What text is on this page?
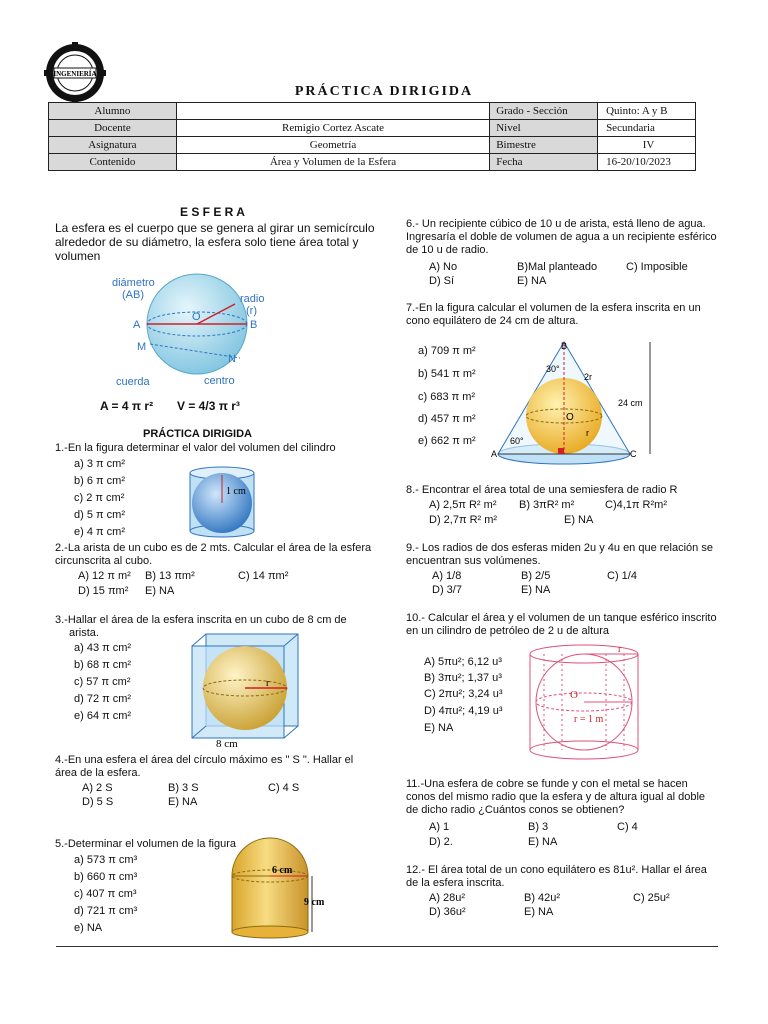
INGENIERÍA
PRÁCTICA DIRIGIDA
Alumno		Grado - Sección	Quinto: A y B
Docente	Remigio Cortez Ascate	Nivel	Secundaria
Asignatura	Geometría	Bimestre	IV
Contenido	Área y Volumen de la Esfera	Fecha	16-20/10/2023
E S F E R A
La esfera es el cuerpo que se genera al girar un semicírculo alrededor de su diámetro, la esfera solo tiene área total y volumen
diámetro
(AB)	radio
(r)
O
A	B
M
N
cuerda	centro
A = 4 π r² V = 4/3 π r³
PRÁCTICA DIRIGIDA
1.-En la figura determinar el valor del volumen del cilindro
a) 3 π cm²
b) 6 π cm²
c) 2 π cm²
d) 5 π cm²
e) 4 π cm²
1 cm
2.-La arista de un cubo es de 2 mts. Calcular el área de la esfera circunscrita al cubo.
A) 12 π m² B) 13 πm²	C) 14 πm²
D) 15 πm² E) NA
3.-Hallar el área de la esfera inscrita en un cubo de 8 cm de
arista.
a) 43 π cm²
b) 68 π cm²
c) 57 π cm²
d) 72 π cm²
e) 64 π cm²
r
8 cm
4.-En una esfera el área del círculo máximo es " S ". Hallar el área de la esfera.
A) 2 S	B) 3 S	C) 4 S
D) 5 S	E) NA
5.-Determinar el volumen de la figura
a) 573 π cm³
b) 660 π cm³
c) 407 π cm³
d) 721 π cm³
e) NA
6 cm
9 cm
6.- Un recipiente cúbico de 10 u de arista, está lleno de agua. Ingresaría el doble de volumen de agua a un recipiente esférico de 10 u de radio.
A) No	B)Mal planteado	C) Imposible
D) Sí	E) NA
7.-En la figura calcular el volumen de la esfera inscrita en un cono equilátero de 24 cm de altura.
a) 709 π m²
b) 541 π m²
c) 683 π m²
d) 457 π m²
e) 662 π m²
B
30°
2r
O
r
60°
A	C
24 cm
8.- Encontrar el área total de una semiesfera de radio R
A) 2,5π R² m² B) 3πR² m²	C)4,1π R²m²
D) 2,7π R² m²	E) NA
9.- Los radios de dos esferas miden 2u y 4u en que relación se encuentran sus volúmenes.
A) 1/8	B) 2/5	C) 1/4
D) 3/7	E) NA
10.- Calcular el área y el volumen de un tanque esférico inscrito en un cilindro de petróleo de 2 u de altura
A) 5πu²; 6,12 u³
B) 3πu²; 1,37 u³
C) 2πu²; 3,24 u³
D) 4πu²; 4,19 u³
E) NA
r
O
r = 1 m
11.-Una esfera de cobre se funde y con el metal se hacen conos del mismo radio que la esfera y de altura igual al doble de dicho radio ¿Cuántos conos se obtienen?
A) 1	B) 3	C) 4
D) 2.	E) NA
12.- El área total de un cono equilátero es 81u². Hallar el área de la esfera inscrita.
A) 28u²	B) 42u²	C) 25u²
D) 36u²	E) NA
